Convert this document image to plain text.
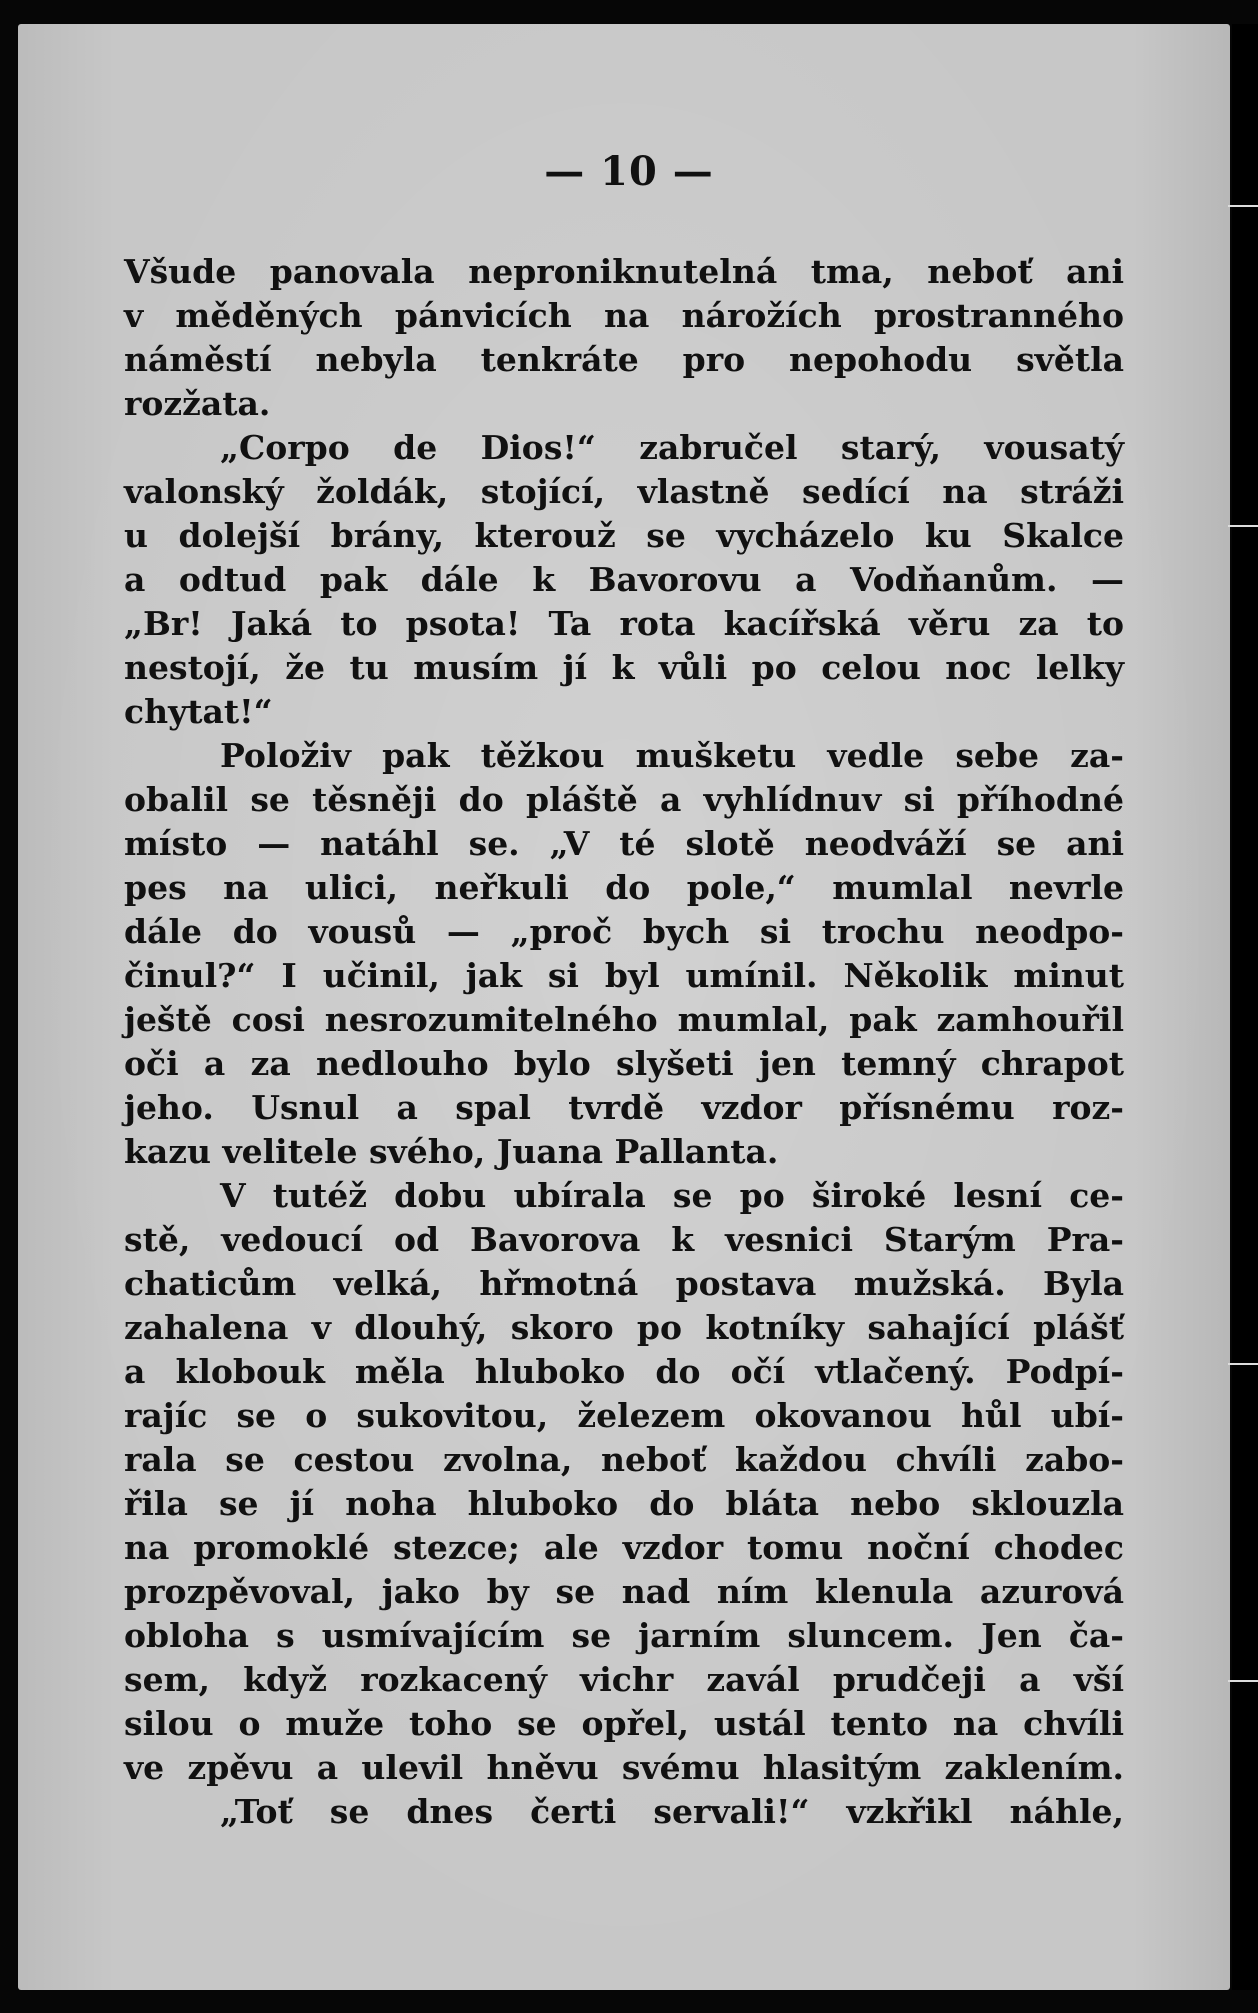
— 10 —
Všude panovala neproniknutelná tma, neboť ani
v měděných pánvicích na nárožích prostranného
náměstí nebyla tenkráte pro nepohodu světla
rozžata.
„Corpo de Dios!“ zabručel starý, vousatý
valonský žoldák, stojící, vlastně sedící na stráži
u dolejší brány, kterouž se vycházelo ku Skalce
a odtud pak dále k Bavorovu a Vodňanům. —
„Br! Jaká to psota! Ta rota kacířská věru za to
nestojí, že tu musím jí k vůli po celou noc lelky
chytat!“
Položiv pak těžkou mušketu vedle sebe za-
obalil se těsněji do pláště a vyhlídnuv si příhodné
místo — natáhl se. „V té slotě neodváží se ani
pes na ulici, neřkuli do pole,“ mumlal nevrle
dále do vousů — „proč bych si trochu neodpo-
činul?“ I učinil, jak si byl umínil. Několik minut
ještě cosi nesrozumitelného mumlal, pak zamhouřil
oči a za nedlouho bylo slyšeti jen temný chrapot
jeho. Usnul a spal tvrdě vzdor přísnému roz-
kazu velitele svého, Juana Pallanta.
V tutéž dobu ubírala se po široké lesní ce-
stě, vedoucí od Bavorova k vesnici Starým Pra-
chaticům velká, hřmotná postava mužská. Byla
zahalena v dlouhý, skoro po kotníky sahající plášť
a klobouk měla hluboko do očí vtlačený. Podpí-
rajíc se o sukovitou, železem okovanou hůl ubí-
rala se cestou zvolna, neboť každou chvíli zabo-
řila se jí noha hluboko do bláta nebo sklouzla
na promoklé stezce; ale vzdor tomu noční chodec
prozpěvoval, jako by se nad ním klenula azurová
obloha s usmívajícím se jarním sluncem. Jen ča-
sem, když rozkacený vichr zavál prudčeji a vší
silou o muže toho se opřel, ustál tento na chvíli
ve zpěvu a ulevil hněvu svému hlasitým zaklením.
„Toť se dnes čerti servali!“ vzkřikl náhle,
